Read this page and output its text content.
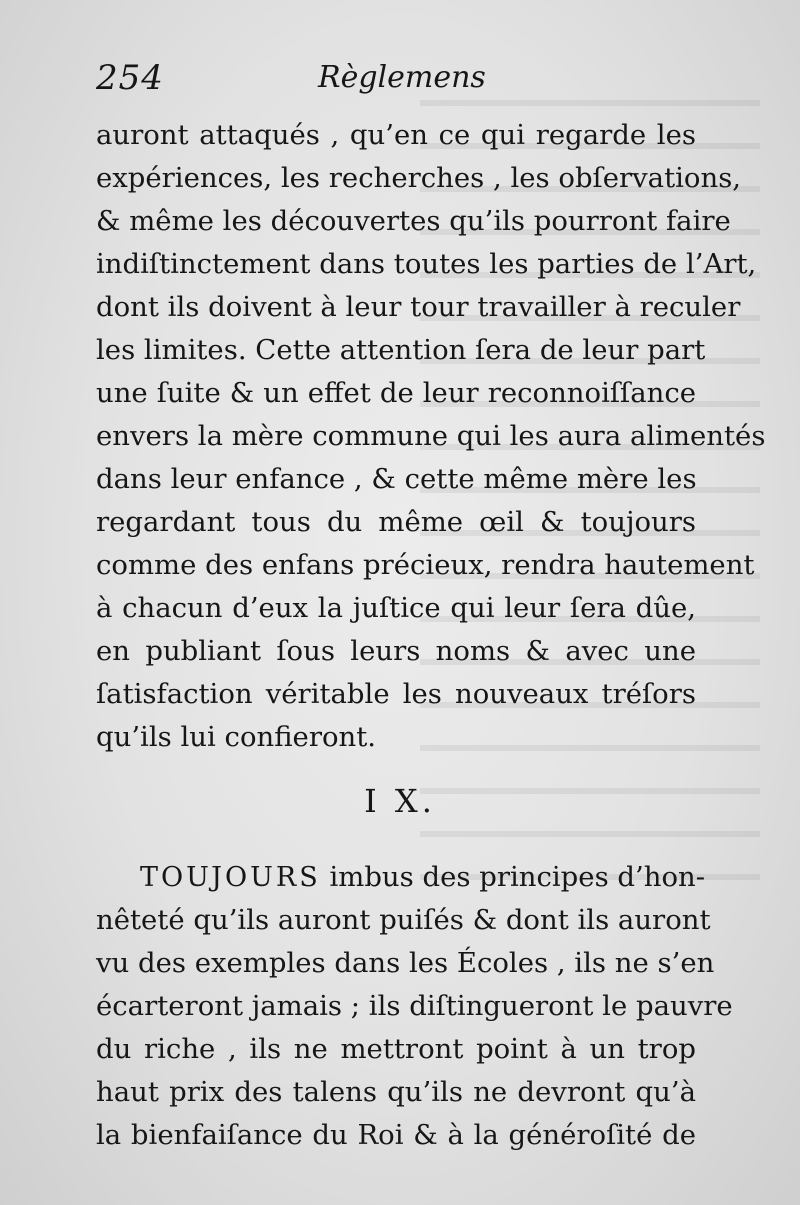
254	Règlemens
auront attaqués , qu’en ce qui regarde les
expériences, les recherches , les obſervations,
& même les découvertes qu’ils pourront faire
indiſtinctement dans toutes les parties de l’Art,
dont ils doivent à leur tour travailler à reculer
les limites. Cette attention ſera de leur part
une ſuite & un effet de leur reconnoiſſance
envers la mère commune qui les aura alimentés
dans leur enfance , & cette même mère les
regardant tous du même œil & toujours
comme des enfans précieux, rendra hautement
à chacun d’eux la juſtice qui leur ſera dûe,
en publiant ſous leurs noms & avec une
ſatisfaction véritable les nouveaux tréſors
qu’ils lui confieront.
I X.
TOUJOURS imbus des principes d’hon-
nêteté qu’ils auront puiſés & dont ils auront
vu des exemples dans les Écoles , ils ne s’en
écarteront jamais ; ils diſtingueront le pauvre
du riche , ils ne mettront point à un trop
haut prix des talens qu’ils ne devront qu’à
la bienfaiſance du Roi & à la généroſité de
